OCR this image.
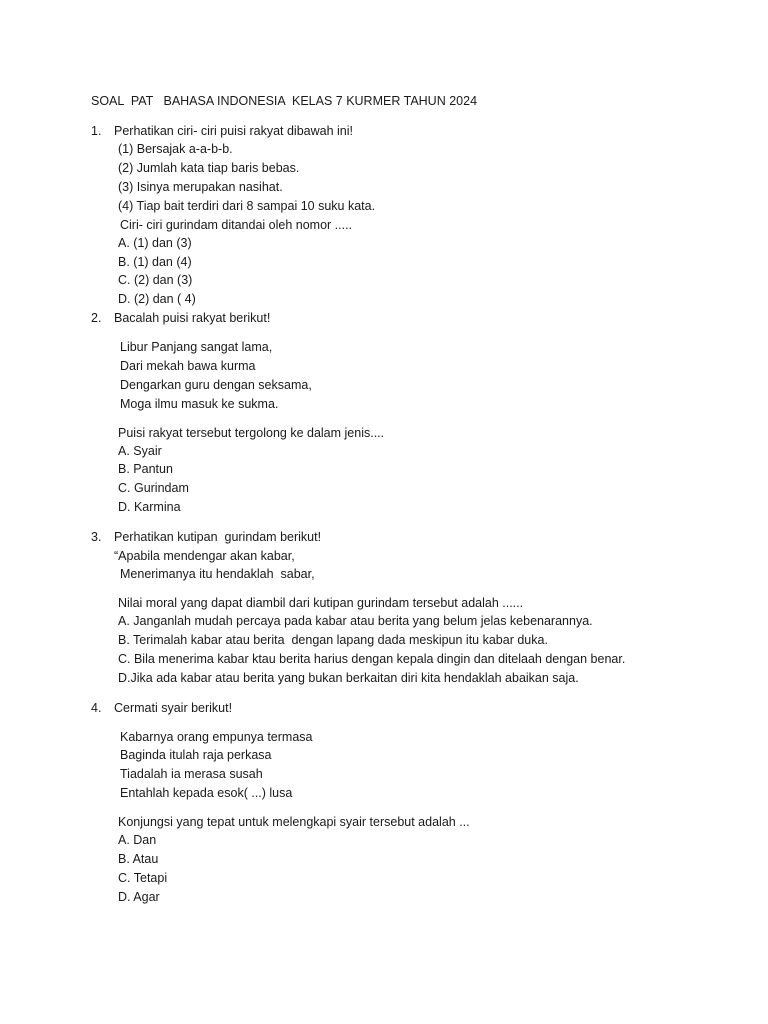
SOAL  PAT   BAHASA INDONESIA  KELAS 7 KURMER TAHUN 2024

1. Perhatikan ciri- ciri puisi rakyat dibawah ini!

(1) Bersajak a-a-b-b.

(2) Jumlah kata tiap baris bebas.

(3) Isinya merupakan nasihat.

(4) Tiap bait terdiri dari 8 sampai 10 suku kata.

Ciri- ciri gurindam ditandai oleh nomor .....

A. (1) dan (3)

B. (1) dan (4)

C. (2) dan (3)

D. (2) dan ( 4)

2. Bacalah puisi rakyat berikut!

Libur Panjang sangat lama,

Dari mekah bawa kurma

Dengarkan guru dengan seksama,

Moga ilmu masuk ke sukma.

Puisi rakyat tersebut tergolong ke dalam jenis....

A. Syair

B. Pantun

C. Gurindam

D. Karmina

3. Perhatikan kutipan  gurindam berikut!

“Apabila mendengar akan kabar,

Menerimanya itu hendaklah  sabar,

Nilai moral yang dapat diambil dari kutipan gurindam tersebut adalah ......

A. Janganlah mudah percaya pada kabar atau berita yang belum jelas kebenarannya.

B. Terimalah kabar atau berita  dengan lapang dada meskipun itu kabar duka.

C. Bila menerima kabar ktau berita harius dengan kepala dingin dan ditelaah dengan benar.

D.Jika ada kabar atau berita yang bukan berkaitan diri kita hendaklah abaikan saja.

4. Cermati syair berikut!

Kabarnya orang empunya termasa

Baginda itulah raja perkasa

Tiadalah ia merasa susah

Entahlah kepada esok( ...) lusa

Konjungsi yang tepat untuk melengkapi syair tersebut adalah ...

A. Dan

B. Atau

C. Tetapi

D. Agar
